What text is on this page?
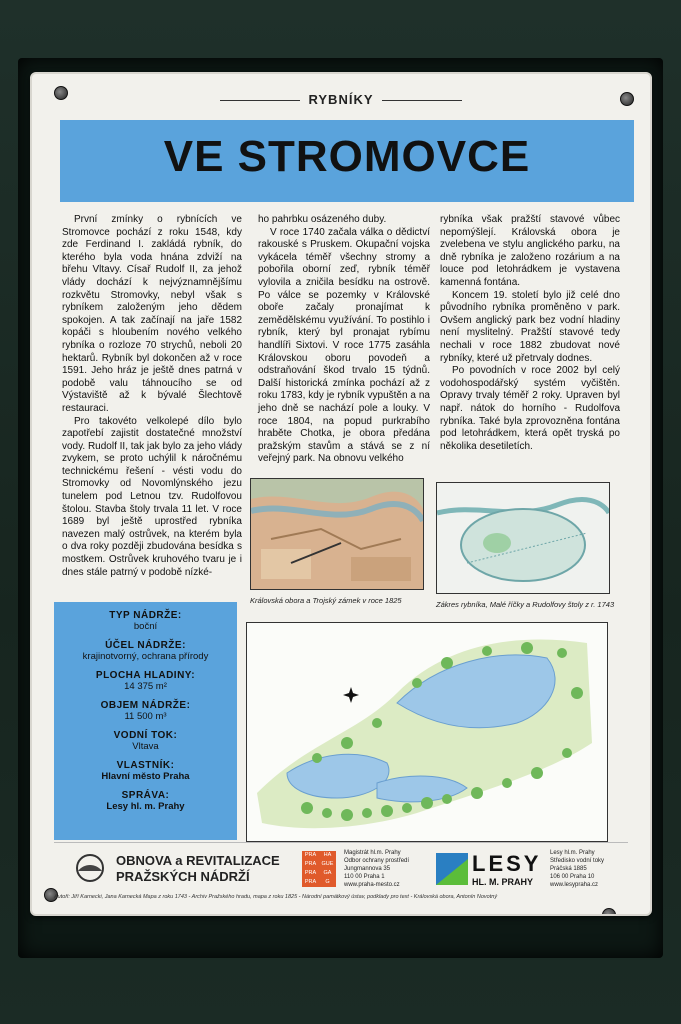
RYBNÍKY
VE STROMOVCE

První zmínky o rybnících ve Stromovce pochází z roku 1548, kdy zde Ferdinand I. zakládá rybník, do kterého byla voda hnána zdviží na břehu Vltavy. Císař Rudolf II, za jehož vlády dochází k nejvýznamnějšímu rozkvětu Stromovky, nebyl však s rybníkem založeným jeho dědem spokojen. A tak začínají na jaře 1582 kopáči s hloubením nového velkého rybníka o rozloze 70 strychů, neboli 20 hektarů. Rybník byl dokončen až v roce 1591. Jeho hráz je ještě dnes patrná v podobě valu táhnoucího se od Výstaviště až k bývalé Šlechtově restauraci.

Pro takovéto velkolepé dílo bylo zapotřebí zajistit dostatečné množství vody. Rudolf II, tak jak bylo za jeho vlády zvykem, se proto uchýlil k náročnému technickému řešení - vésti vodu do Stromovky od Novomlýnského jezu tunelem pod Letnou tzv. Rudolfovou štolou. Stavba štoly trvala 11 let. V roce 1689 byl ještě uprostřed rybníka navezen malý ostrůvek, na kterém byla o dva roky později zbudována besídka s mostkem. Ostrůvek kruhového tvaru je i dnes stále patrný v podobě nízké-

ho pahrbku osázeného duby.

V roce 1740 začala válka o dědictví rakouské s Pruskem. Okupační vojska vykácela téměř všechny stromy a pobořila oborní zeď, rybník téměř vylovila a zničila besídku na ostrově. Po válce se pozemky v Královské oboře začaly pronajímat k zemědělskému využívání. To postihlo i rybník, který byl pronajat rybímu handlíři Sixtovi. V roce 1775 zasáhla Královskou oboru povodeň a odstraňování škod trvalo 15 týdnů. Další historická zmínka pochází až z roku 1783, kdy je rybník vypuštěn a na jeho dně se nachází pole a louky. V roce 1804, na popud purkrabího hraběte Chotka, je obora předána pražským stavům a stává se z ní veřejný park. Na obnovu velkého

rybníka však pražští stavové vůbec nepomýšlejí. Královská obora je zvelebena ve stylu anglického parku, na dně rybníka je založeno rozárium a na louce pod letohrádkem je vystavena kamenná fontána.

Koncem 19. století bylo již celé dno původního rybníka proměněno v park. Ovšem anglický park bez vodní hladiny není myslitelný. Pražští stavové tedy nechali v roce 1882 zbudovat nové rybníky, které už přetrvaly dodnes.

Po povodních v roce 2002 byl celý vodohospodářský systém vyčištěn. Opravy trvaly téměř 2 roky. Upraven byl např. nátok do horního - Rudolfova rybníka. Také byla zprovozněna fontána pod letohrádkem, která opět tryská po několika desetiletích.

Královská obora a Trojský zámek v roce 1825	Zákres rybníka, Malé říčky a Rudolfovy štoly z r. 1743
TYP NÁDRŽE:
boční
ÚČEL NÁDRŽE:
krajinotvorný, ochrana přírody
PLOCHA HLADINY:
14 375 m²
OBJEM NÁDRŽE:
11 500 m³
VODNÍ TOK:
Vltava
VLASTNÍK:
Hlavní město Praha
SPRÁVA:
Lesy hl. m. Prahy
OBNOVA a REVITALIZACE
PRAŽSKÝCH NÁDRŽÍ
PRA	HA
PRA GUE
PRA	GA
PRA	G
Magistrát hl.m. Prahy
Odbor ochrany prostředí
Jungmannova 35
110 00 Praha 1
www.praha-mesto.cz
LESY
HL. M. PRAHY
Lesy hl.m. Prahy
Středisko vodní toky
Práčská 1885
106 00 Praha 10
www.lesypraha.cz
Autoři: Jiří Karnecki, Jana Karnecká Mapa z roku 1743 - Archiv Pražského hradu, mapa z roku 1825 - Národní památkový ústav, podklady pro text - Královská obora, Antonín Novotný
